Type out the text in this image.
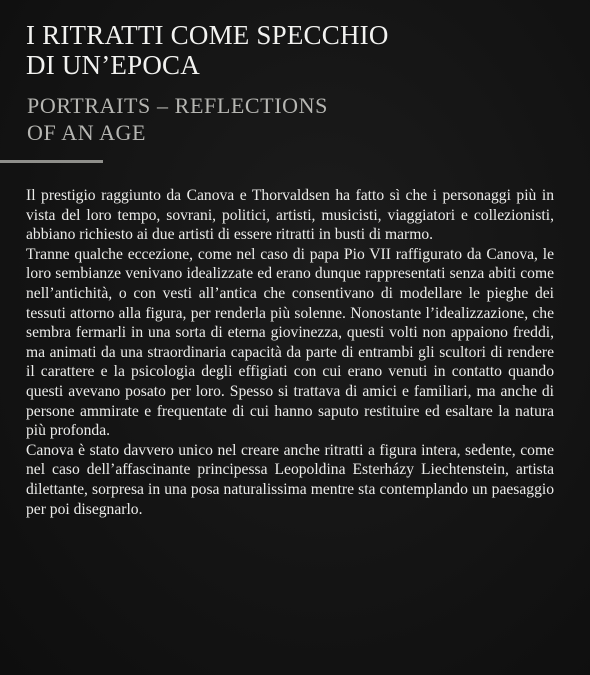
I RITRATTI COME SPECCHIO
DI UN’EPOCA
PORTRAITS – REFLECTIONS
OF AN AGE

Il prestigio raggiunto da Canova e Thorvaldsen ha fatto sì che i personaggi più in vista del loro tempo, sovrani, politici, artisti, musicisti, viaggiatori e collezionisti, abbiano richiesto ai due artisti di essere ritratti in busti di marmo.

Tranne qualche eccezione, come nel caso di papa Pio VII raffigurato da Canova, le loro sembianze venivano idealizzate ed erano dunque rappresentati senza abiti come nell’antichità, o con vesti all’antica che consentivano di modellare le pieghe dei tessuti attorno alla figura, per renderla più solenne. Nonostante l’idealizzazione, che sembra fermarli in una sorta di eterna giovinezza, questi volti non appaiono freddi, ma animati da una straordinaria capacità da parte di entrambi gli scultori di rendere il carattere e la psicologia degli effigiati con cui erano venuti in contatto quando questi avevano posato per loro. Spesso si trattava di amici e familiari, ma anche di persone ammirate e frequentate di cui hanno saputo restituire ed esaltare la natura più profonda.

Canova è stato davvero unico nel creare anche ritratti a figura intera, sedente, come nel caso dell’affascinante principessa Leopoldina Esterházy Liechtenstein, artista dilettante, sorpresa in una posa naturalissima mentre sta contemplando un paesaggio per poi disegnarlo.
